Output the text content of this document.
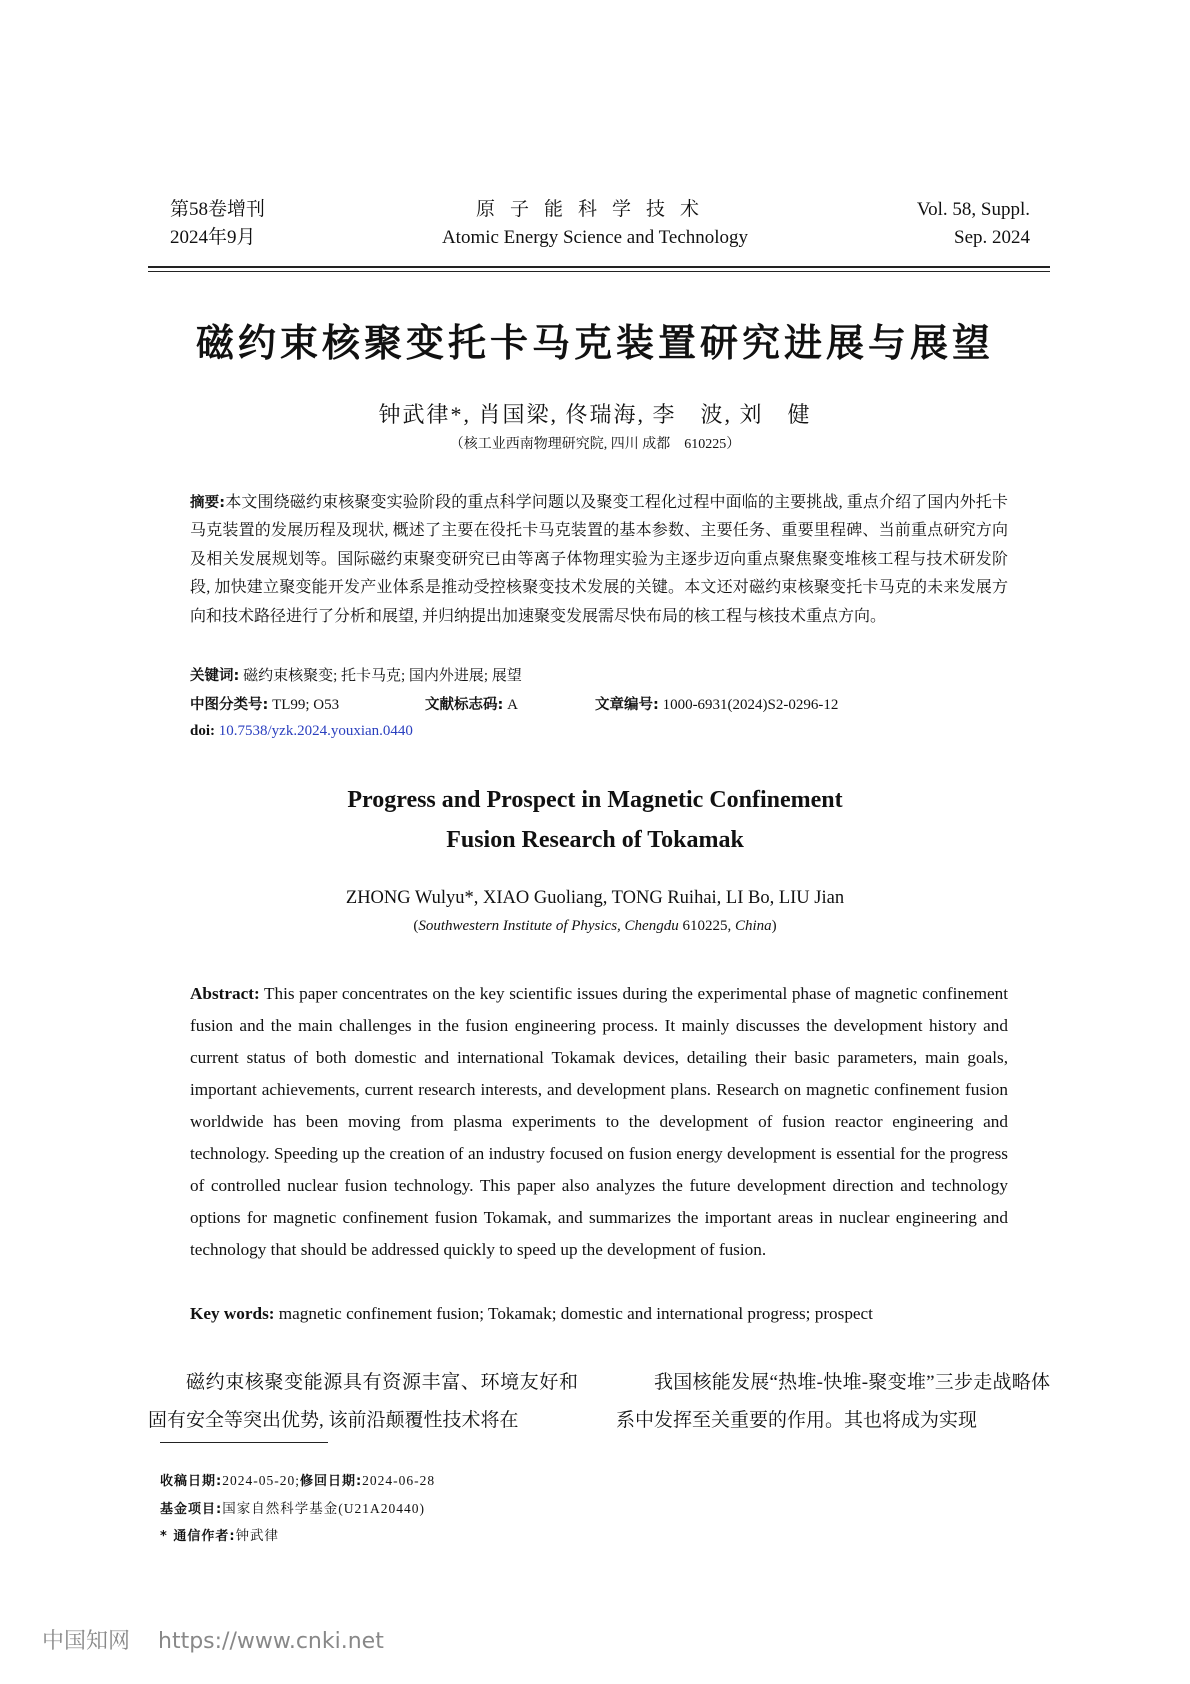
第58卷增刊
2024年9月
原子能科学技术
Atomic Energy Science and Technology
Vol. 58, Suppl.
Sep. 2024
磁约束核聚变托卡马克装置研究进展与展望
钟武律*, 肖国梁, 佟瑞海, 李　波, 刘　健
（核工业西南物理研究院, 四川 成都　610225）
摘要:本文围绕磁约束核聚变实验阶段的重点科学问题以及聚变工程化过程中面临的主要挑战, 重点介绍了国内外托卡马克装置的发展历程及现状, 概述了主要在役托卡马克装置的基本参数、主要任务、重要里程碑、当前重点研究方向及相关发展规划等。国际磁约束聚变研究已由等离子体物理实验为主逐步迈向重点聚焦聚变堆核工程与技术研发阶段, 加快建立聚变能开发产业体系是推动受控核聚变技术发展的关键。本文还对磁约束核聚变托卡马克的未来发展方向和技术路径进行了分析和展望, 并归纳提出加速聚变发展需尽快布局的核工程与核技术重点方向。
关键词: 磁约束核聚变; 托卡马克; 国内外进展; 展望
中图分类号: TL99; O53	文献标志码: A	文章编号: 1000-6931(2024)S2-0296-12
doi: 10.7538/yzk.2024.youxian.0440
Progress and Prospect in Magnetic Confinement
Fusion Research of Tokamak
ZHONG Wulyu*, XIAO Guoliang, TONG Ruihai, LI Bo, LIU Jian
(Southwestern Institute of Physics, Chengdu 610225, China)
Abstract: This paper concentrates on the key scientific issues during the experimental phase of magnetic confinement fusion and the main challenges in the fusion engineering process. It mainly discusses the development history and current status of both domestic and international Tokamak devices, detailing their basic parameters, main goals, important achievements, current research interests, and development plans. Research on magnetic confinement fusion worldwide has been moving from plasma experiments to the development of fusion reactor engineering and technology. Speeding up the creation of an industry focused on fusion energy development is essential for the progress of controlled nuclear fusion technology. This paper also analyzes the future development direction and technology options for magnetic confinement fusion Tokamak, and summarizes the important areas in nuclear engineering and technology that should be addressed quickly to speed up the development of fusion.
Key words: magnetic confinement fusion; Tokamak; domestic and international progress; prospect
磁约束核聚变能源具有资源丰富、环境友好和固有安全等突出优势, 该前沿颠覆性技术将在
我国核能发展“热堆-快堆-聚变堆”三步走战略体系中发挥至关重要的作用。其也将成为实现
收稿日期:2024-05-20;修回日期:2024-06-28
基金项目:国家自然科学基金(U21A20440)
* 通信作者:钟武律
中国知网 https://www.cnki.net
